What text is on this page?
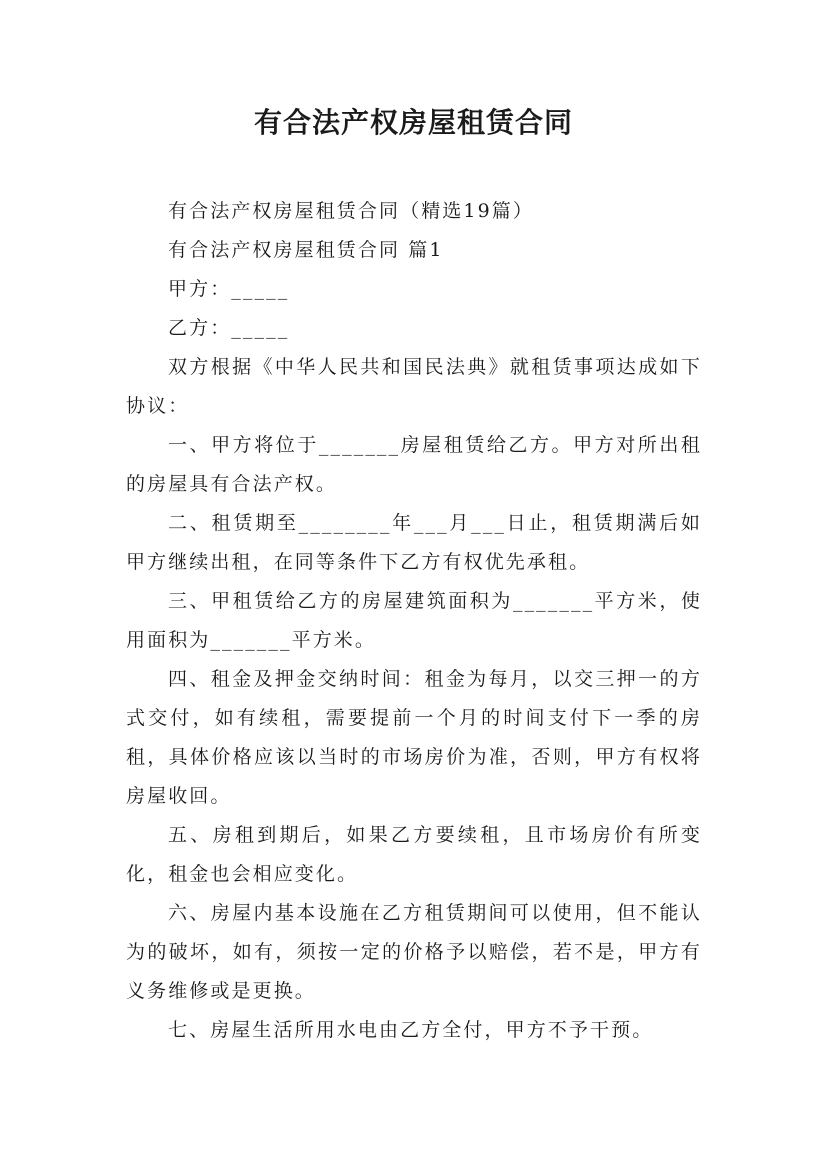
有合法产权房屋租赁合同

有合法产权房屋租赁合同（精选19篇）

有合法产权房屋租赁合同 篇1

甲方：_____

乙方：_____

双方根据《中华人民共和国民法典》就租赁事项达成如下协议：

一、甲方将位于_______房屋租赁给乙方。甲方对所出租的房屋具有合法产权。

二、租赁期至________年___月___日止，租赁期满后如甲方继续出租，在同等条件下乙方有权优先承租。

三、甲租赁给乙方的房屋建筑面积为_______平方米，使用面积为_______平方米。

四、租金及押金交纳时间：租金为每月，以交三押一的方式交付，如有续租，需要提前一个月的时间支付下一季的房租，具体价格应该以当时的市场房价为准，否则，甲方有权将房屋收回。

五、房租到期后，如果乙方要续租，且市场房价有所变化，租金也会相应变化。

六、房屋内基本设施在乙方租赁期间可以使用，但不能认为的破坏，如有，须按一定的价格予以赔偿，若不是，甲方有义务维修或是更换。

七、房屋生活所用水电由乙方全付，甲方不予干预。
